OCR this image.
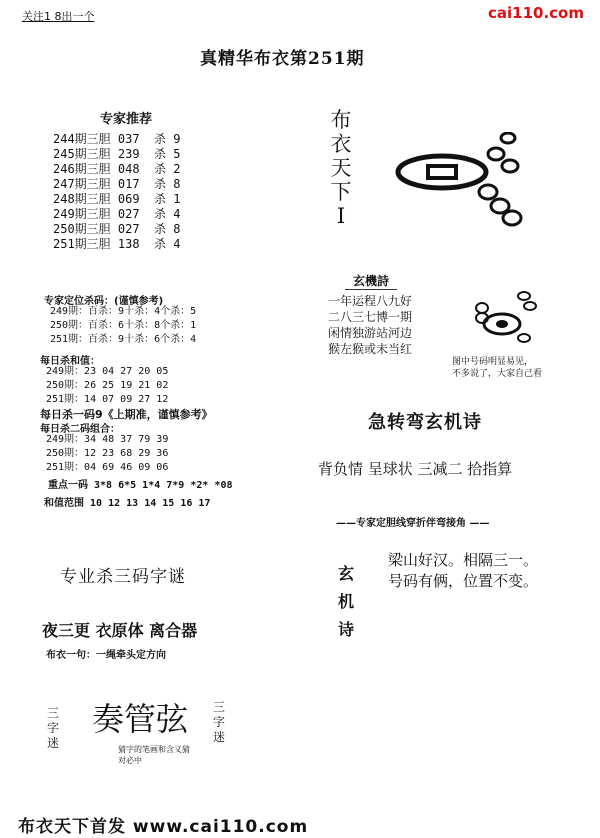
关注1 8出一个	cai110.com
真精华布衣第251期
专家推荐
244期三胆 037  杀 9
245期三胆 239  杀 5
246期三胆 048  杀 2
247期三胆 017  杀 8
248期三胆 069  杀 1
249期三胆 027  杀 4
250期三胆 027  杀 8
251期三胆 138  杀 4
布
衣
天
下
I
玄機詩
一年运程八九好
二八三七博一期
闲情独游站河边
猴左猴或未当红
图中号码明显易见，
不多说了，大家自己看
专家定位杀码：(谨慎参考)
249期：百杀：9十杀：4个杀：5
250期：百杀：6十杀：8个杀：1
251期：百杀：9十杀：6个杀：4
每日杀和值：
249期：23 04 27 20 05
250期：26 25 19 21 02
251期：14 07 09 27 12
每日杀一码9《上期准，谨慎参考》
每日杀二码组合：
249期：34 48 37 79 39
250期：12 23 68 29 36
251期：04 69 46 09 06
重点一码 3*8 6*5 1*4 7*9 *2* *08
和值范围 10 12 13 14 15 16 17
急转弯玄机诗
背负情 呈球状 三减二 拾指算
——专家定胆线穿折伴弯接角 ——
玄
机
诗
梁山好汉。相隔三一。
号码有俩，位置不变。
专业杀三码字谜
夜三更 衣原体 离合器
布衣一句：一绳牵头定方向
三
字
迷
奏管弦 三
字
迷
猜字的笔画和含义猜对必中
布衣天下首发 www.cai110.com
